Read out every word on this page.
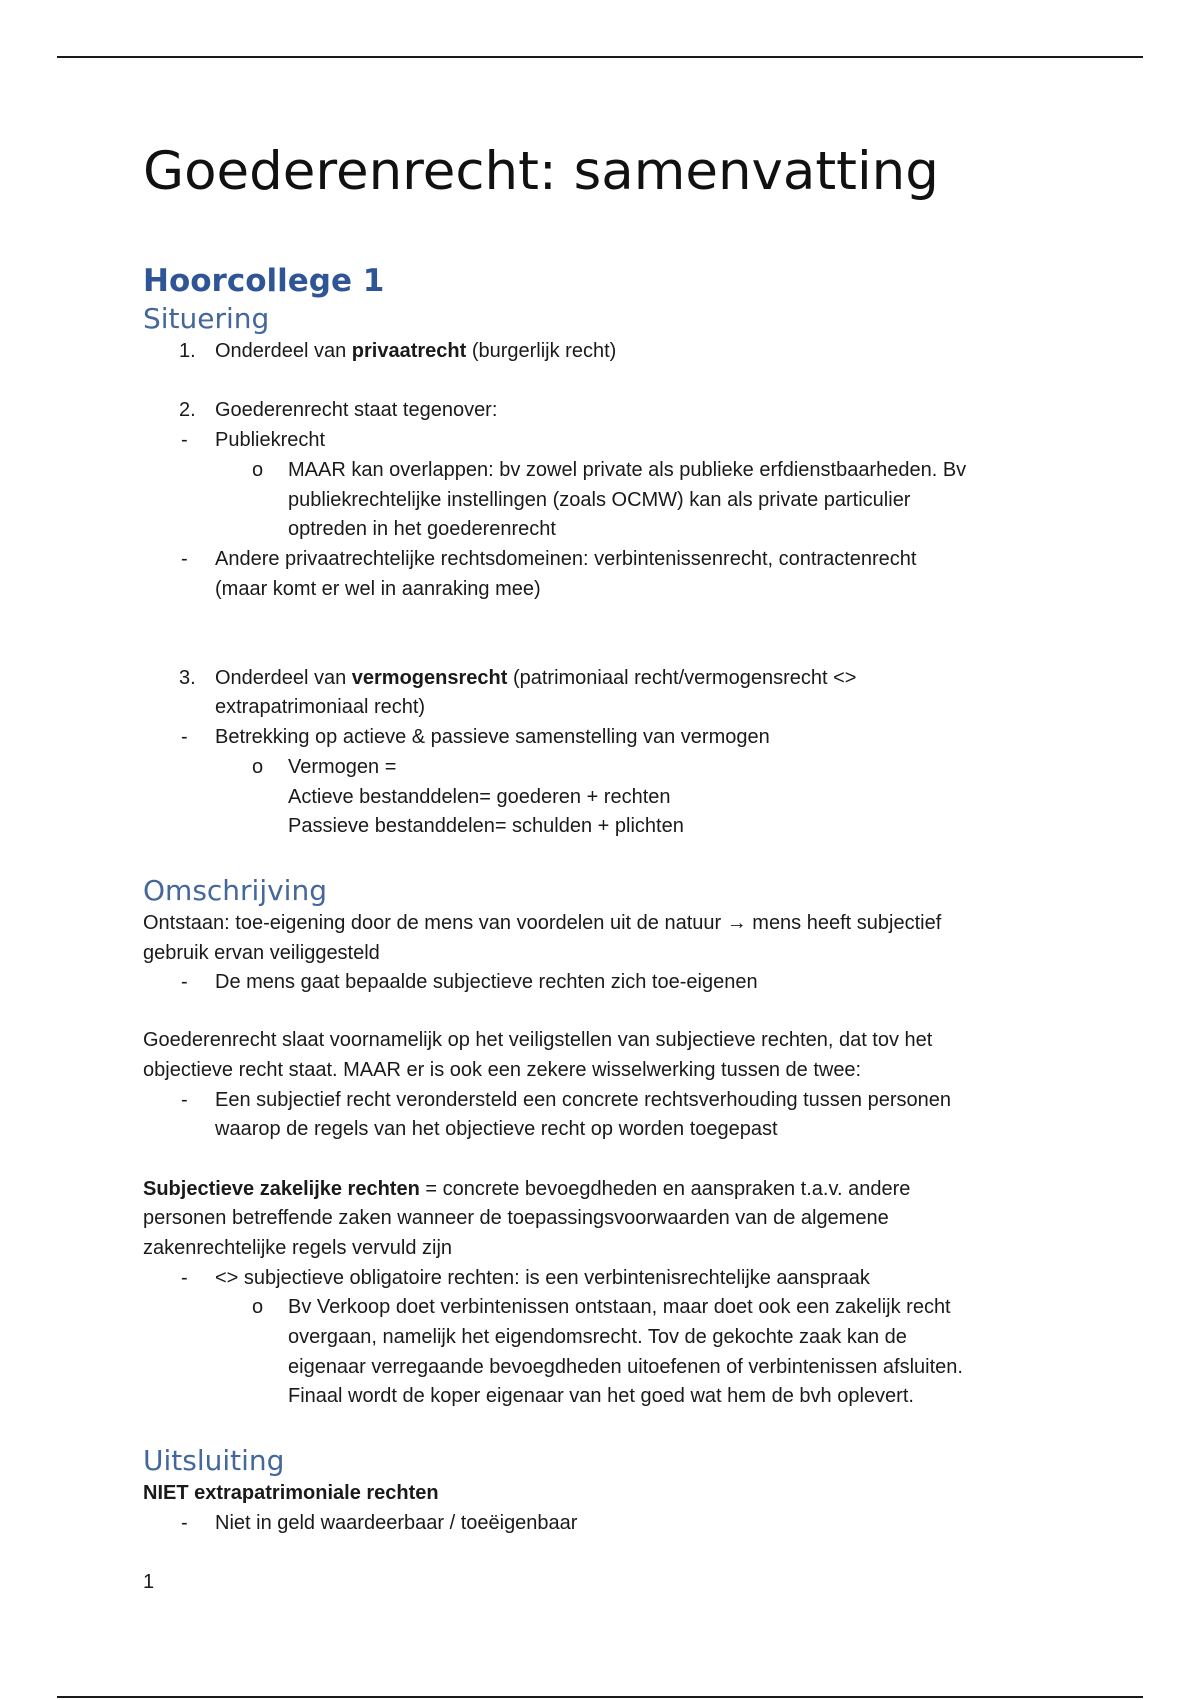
Goederenrecht: samenvatting
Hoorcollege 1
Situering
1. Onderdeel van privaatrecht (burgerlijk recht)
2. Goederenrecht staat tegenover:
- Publiekrecht
o MAAR kan overlappen: bv zowel private als publieke erfdienstbaarheden. Bv
publiekrechtelijke instellingen (zoals OCMW) kan als private particulier
optreden in het goederenrecht
- Andere privaatrechtelijke rechtsdomeinen: verbintenissenrecht, contractenrecht
(maar komt er wel in aanraking mee)
3. Onderdeel van vermogensrecht (patrimoniaal recht/vermogensrecht <>
extrapatrimoniaal recht)
- Betrekking op actieve & passieve samenstelling van vermogen
o Vermogen =
Actieve bestanddelen= goederen + rechten
Passieve bestanddelen= schulden + plichten
Omschrijving
Ontstaan: toe-eigening door de mens van voordelen uit de natuur → mens heeft subjectief
gebruik ervan veiliggesteld
- De mens gaat bepaalde subjectieve rechten zich toe-eigenen
Goederenrecht slaat voornamelijk op het veiligstellen van subjectieve rechten, dat tov het
objectieve recht staat. MAAR er is ook een zekere wisselwerking tussen de twee:
- Een subjectief recht verondersteld een concrete rechtsverhouding tussen personen
waarop de regels van het objectieve recht op worden toegepast
Subjectieve zakelijke rechten = concrete bevoegdheden en aanspraken t.a.v. andere
personen betreffende zaken wanneer de toepassingsvoorwaarden van de algemene
zakenrechtelijke regels vervuld zijn
- <> subjectieve obligatoire rechten: is een verbintenisrechtelijke aanspraak
o Bv Verkoop doet verbintenissen ontstaan, maar doet ook een zakelijk recht
overgaan, namelijk het eigendomsrecht. Tov de gekochte zaak kan de
eigenaar verregaande bevoegdheden uitoefenen of verbintenissen afsluiten.
Finaal wordt de koper eigenaar van het goed wat hem de bvh oplevert.
Uitsluiting
NIET extrapatrimoniale rechten
- Niet in geld waardeerbaar / toeëigenbaar
1
